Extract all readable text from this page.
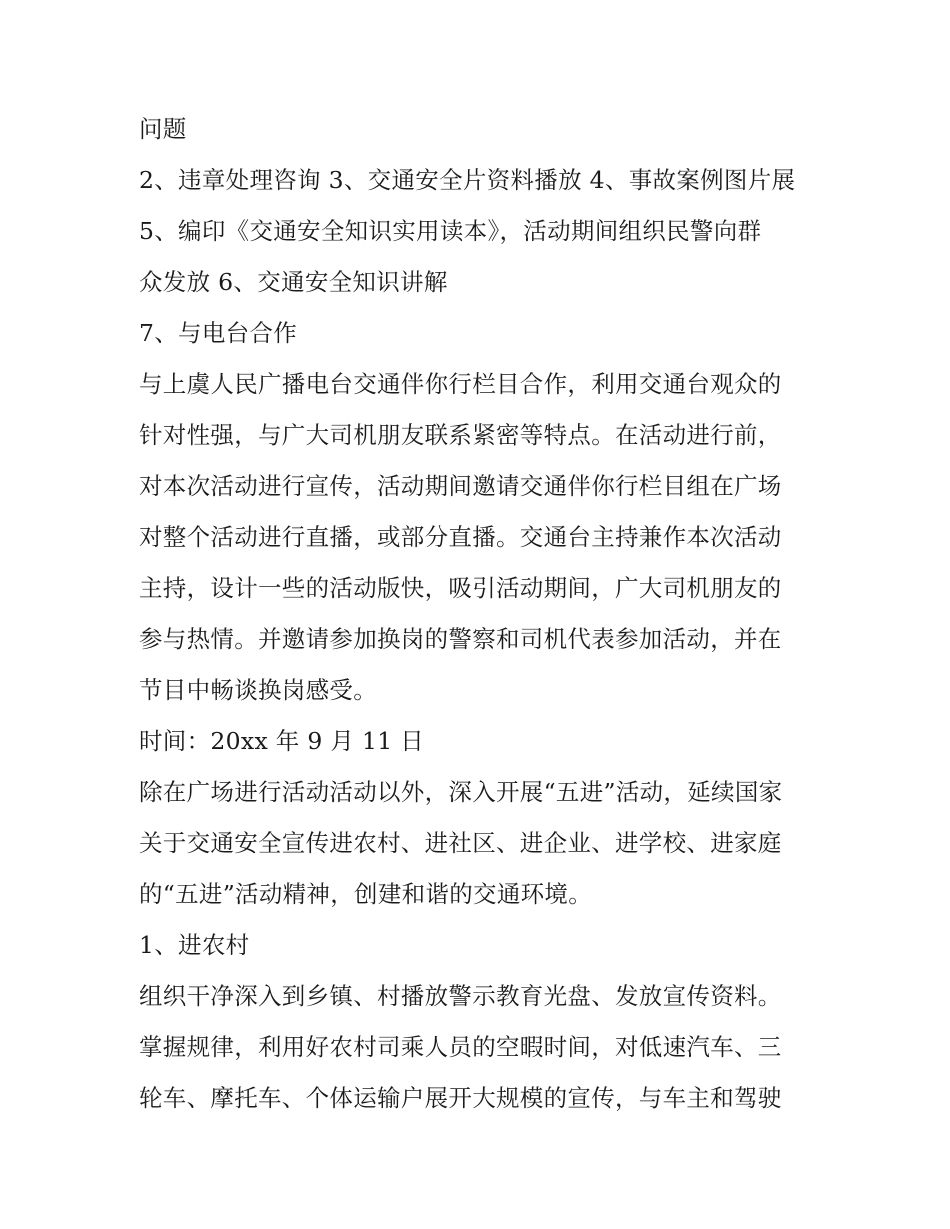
问题
2、违章处理咨询 3、交通安全片资料播放 4、事故案例图片展
5、编印《交通安全知识实用读本》，活动期间组织民警向群
众发放 6、交通安全知识讲解
7、与电台合作
与上虞人民广播电台交通伴你行栏目合作，利用交通台观众的
针对性强，与广大司机朋友联系紧密等特点。在活动进行前，
对本次活动进行宣传，活动期间邀请交通伴你行栏目组在广场
对整个活动进行直播，或部分直播。交通台主持兼作本次活动
主持，设计一些的活动版快，吸引活动期间，广大司机朋友的
参与热情。并邀请参加换岗的警察和司机代表参加活动，并在
节目中畅谈换岗感受。
时间：20xx 年 9 月 11 日
除在广场进行活动活动以外，深入开展“五进”活动，延续国家
关于交通安全宣传进农村、进社区、进企业、进学校、进家庭
的“五进”活动精神，创建和谐的交通环境。
1、进农村
组织干净深入到乡镇、村播放警示教育光盘、发放宣传资料。
掌握规律，利用好农村司乘人员的空暇时间，对低速汽车、三
轮车、摩托车、个体运输户展开大规模的宣传，与车主和驾驶
